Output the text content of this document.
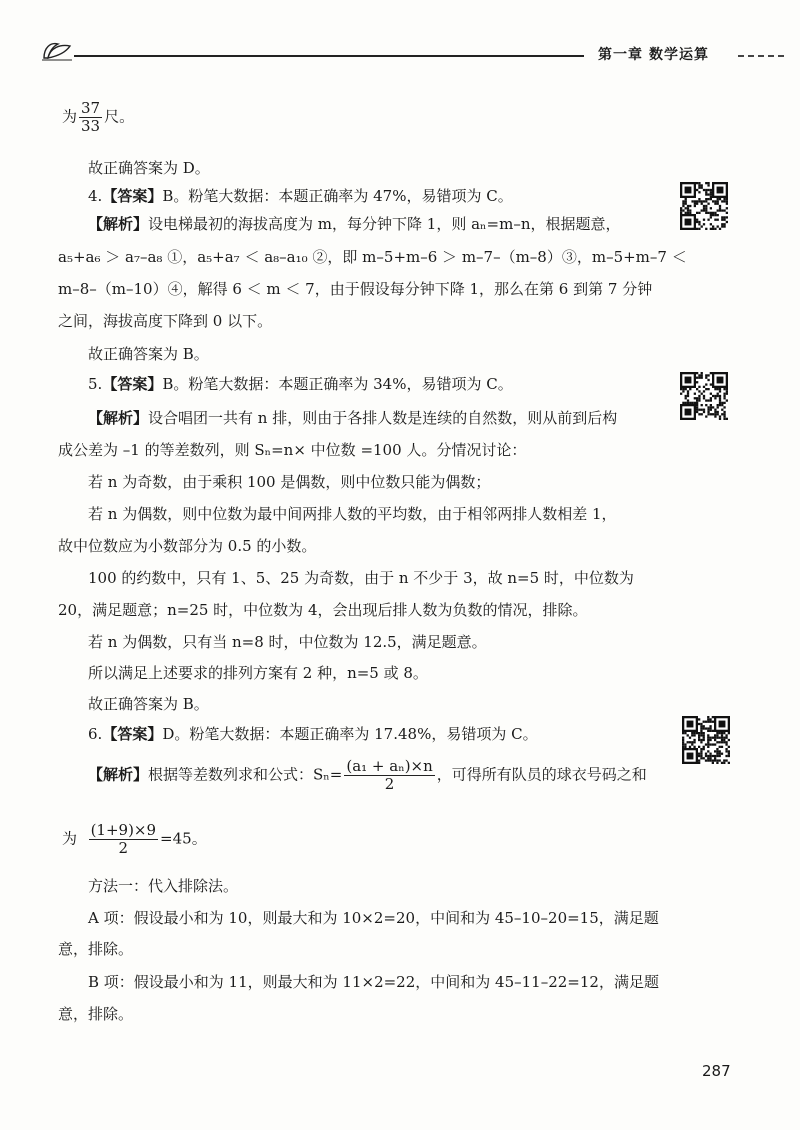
第一章 数学运算

为 $\frac{37}{33}$ 尺。

故正确答案为 D。

4.【答案】B。粉笔大数据：本题正确率为 47%，易错项为 C。

【解析】设电梯最初的海拔高度为 m，每分钟下降 1，则 aₙ=m–n，根据题意，

a₅+a₆ ＞ a₇–a₈ ①，a₅+a₇ ＜ a₈–a₁₀ ②，即 m–5+m–6 ＞ m–7–（m–8）③，m–5+m–7 ＜

m–8–（m–10）④，解得 6 ＜ m ＜ 7，由于假设每分钟下降 1，那么在第 6 到第 7 分钟

之间，海拔高度下降到 0 以下。

故正确答案为 B。

5.【答案】B。粉笔大数据：本题正确率为 34%，易错项为 C。

【解析】设合唱团一共有 n 排，则由于各排人数是连续的自然数，则从前到后构

成公差为 –1 的等差数列，则 Sₙ=n× 中位数 =100 人。分情况讨论：

若 n 为奇数，由于乘积 100 是偶数，则中位数只能为偶数；

若 n 为偶数，则中位数为最中间两排人数的平均数，由于相邻两排人数相差 1，

故中位数应为小数部分为 0.5 的小数。

100 的约数中，只有 1、5、25 为奇数，由于 n 不少于 3，故 n=5 时，中位数为

20，满足题意；n=25 时，中位数为 4，会出现后排人数为负数的情况，排除。

若 n 为偶数，只有当 n=8 时，中位数为 12.5，满足题意。

所以满足上述要求的排列方案有 2 种，n=5 或 8。

故正确答案为 B。

6.【答案】D。粉笔大数据：本题正确率为 17.48%，易错项为 C。

【解析】根据等差数列求和公式：$S_n= \frac{\text{(a₁ + aₙ)×n}}{2}$ ，可得所有队员的球衣号码之和

为 $\frac{(1+9)\times 9}{2} =45$。

方法一：代入排除法。

A 项：假设最小和为 10，则最大和为 10×2=20，中间和为 45–10–20=15，满足题

意，排除。

B 项：假设最小和为 11，则最大和为 11×2=22，中间和为 45–11–22=12，满足题

意，排除。

287
